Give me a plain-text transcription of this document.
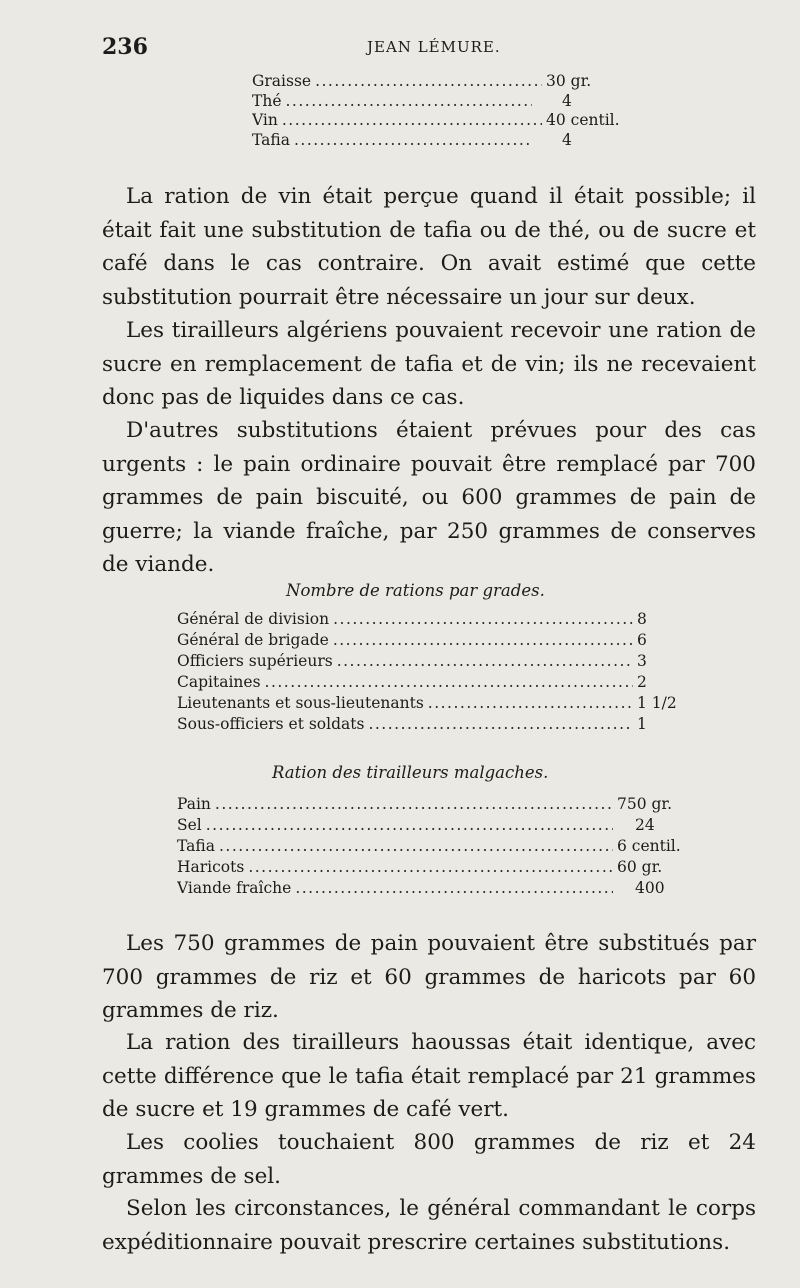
236	JEAN LÉMURE.
Graisse .....	30 gr.
Thé .....	4
Vin .....	40 centil.
Tafia .....	4

La ration de vin était perçue quand il était possible; il était fait une substitution de tafia ou de thé, ou de sucre et café dans le cas contraire. On avait estimé que cette substitution pourrait être nécessaire un jour sur deux.

Les tirailleurs algériens pouvaient recevoir une ration de sucre en remplacement de tafia et de vin; ils ne recevaient donc pas de liquides dans ce cas.

D'autres substitutions étaient prévues pour des cas urgents : le pain ordinaire pouvait être remplacé par 700 grammes de pain biscuité, ou 600 grammes de pain de guerre; la viande fraîche, par 250 grammes de conserves de viande.

Nombre de rations par grades.
Général de division .....	8
Général de brigade .....	6
Officiers supérieurs .....	3
Capitaines .....	2
Lieutenants et sous-lieutenants .....	1 1/2
Sous-officiers et soldats .....	1
Ration des tirailleurs malgaches.
Pain .....	750 gr.
Sel .....	24
Tafia .....	6 centil.
Haricots .....	60 gr.
Viande fraîche .....	400

Les 750 grammes de pain pouvaient être substitués par 700 grammes de riz et 60 grammes de haricots par 60 grammes de riz.

La ration des tirailleurs haoussas était identique, avec cette différence que le tafia était remplacé par 21 grammes de sucre et 19 grammes de café vert.

Les coolies touchaient 800 grammes de riz et 24 grammes de sel.

Selon les circonstances, le général commandant le corps expéditionnaire pouvait prescrire certaines substitutions.
